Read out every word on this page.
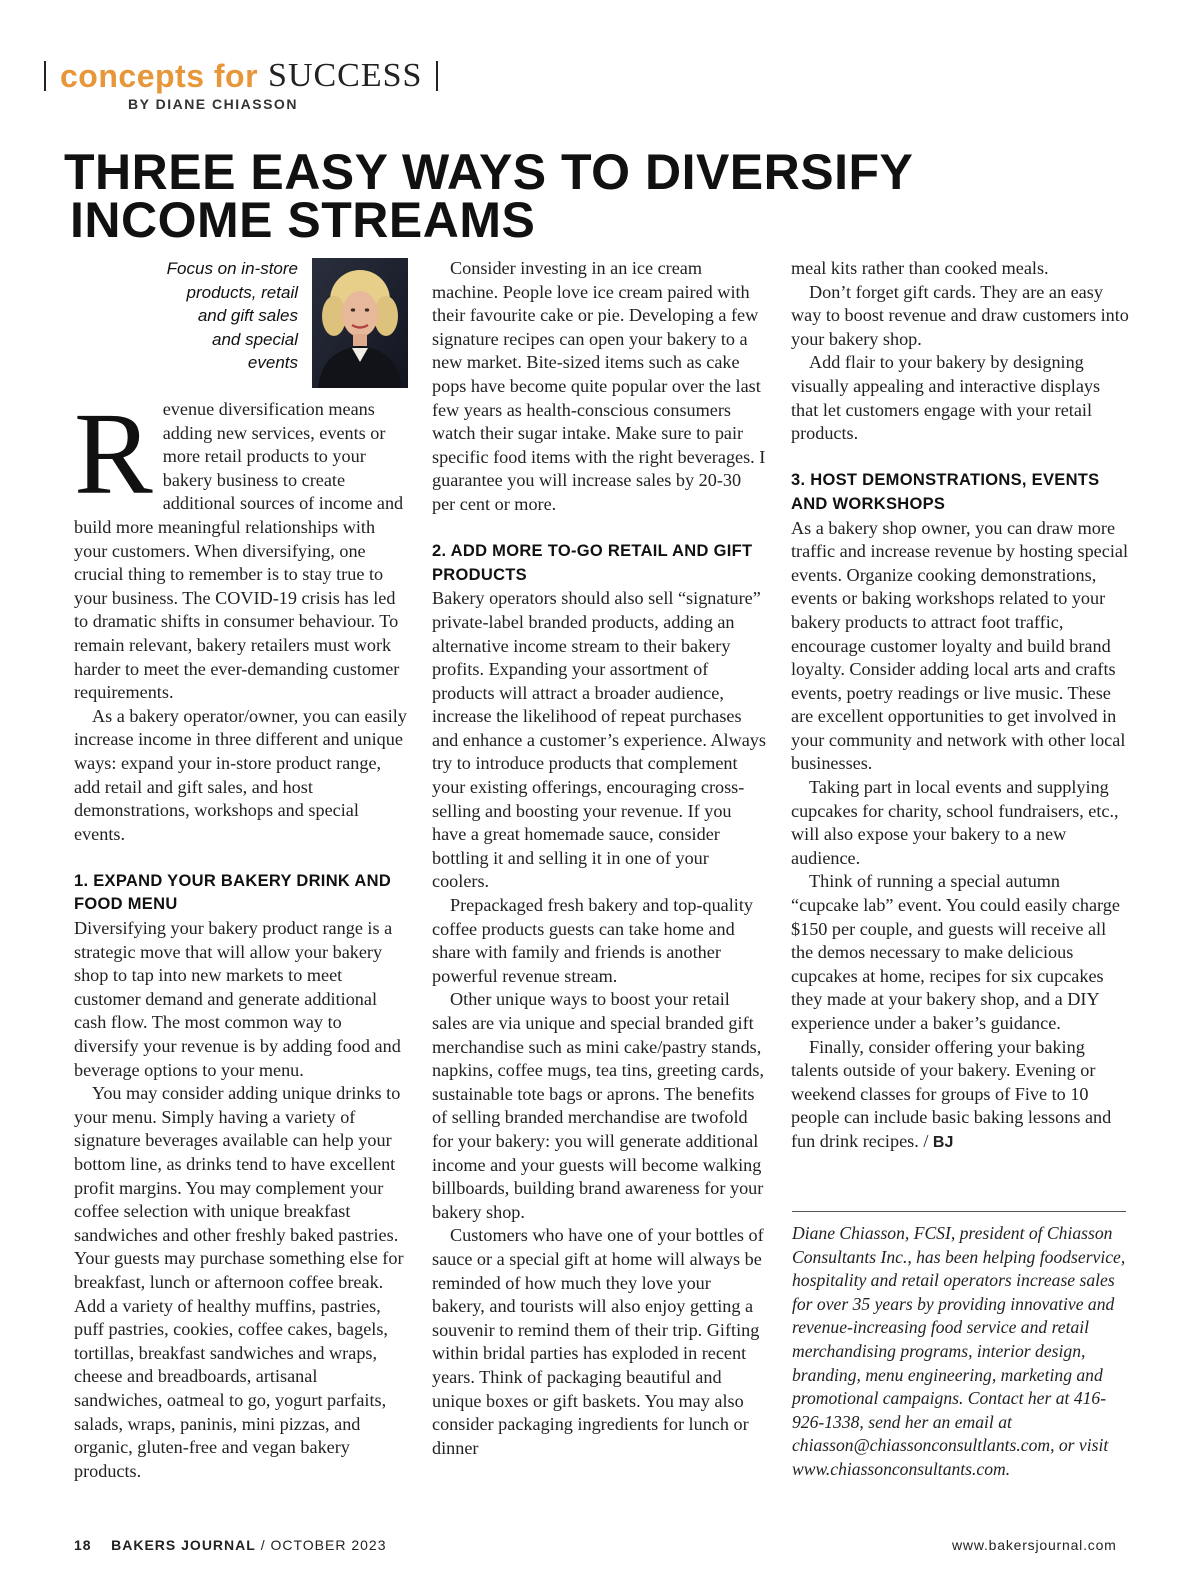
concepts for SUCCESS
BY DIANE CHIASSON
THREE EASY WAYS TO DIVERSIFY
INCOME STREAMS
Focus on in-store
products, retail
and gift sales
and special
events

Revenue diversification means adding new services, events or more retail products to your bakery business to create additional sources of income and build more meaningful relationships with your customers. When diversifying, one crucial thing to remember is to stay true to your business. The COVID-19 crisis has led to dramatic shifts in consumer behaviour. To remain relevant, bakery retailers must work harder to meet the ever-demanding customer requirements.

As a bakery operator/owner, you can easily increase income in three different and unique ways: expand your in-store product range, add retail and gift sales, and host demonstrations, workshops and special events.

1. EXPAND YOUR BAKERY DRINK AND FOOD MENU

Diversifying your bakery product range is a strategic move that will allow your bakery shop to tap into new markets to meet customer demand and generate additional cash flow. The most common way to diversify your revenue is by adding food and beverage options to your menu.

You may consider adding unique drinks to your menu. Simply having a variety of signature beverages available can help your bottom line, as drinks tend to have excellent profit margins. You may complement your coffee selection with unique breakfast sandwiches and other freshly baked pastries. Your guests may purchase something else for breakfast, lunch or afternoon coffee break. Add a variety of healthy muffins, pastries, puff pastries, cookies, coffee cakes, bagels, tortillas, breakfast sandwiches and wraps, cheese and breadboards, artisanal sandwiches, oatmeal to go, yogurt parfaits, salads, wraps, paninis, mini pizzas, and organic, gluten-free and vegan bakery products.

Consider investing in an ice cream machine. People love ice cream paired with their favourite cake or pie. Developing a few signature recipes can open your bakery to a new market. Bite-sized items such as cake pops have become quite popular over the last few years as health-conscious consumers watch their sugar intake. Make sure to pair specific food items with the right beverages. I guarantee you will increase sales by 20-30 per cent or more.

2. ADD MORE TO-GO RETAIL AND GIFT PRODUCTS

Bakery operators should also sell “signature” private-label branded products, adding an alternative income stream to their bakery profits. Expanding your assortment of products will attract a broader audience, increase the likelihood of repeat purchases and enhance a customer’s experience. Always try to introduce products that complement your existing offerings, encouraging cross-selling and boosting your revenue. If you have a great homemade sauce, consider bottling it and selling it in one of your coolers.

Prepackaged fresh bakery and top-quality coffee products guests can take home and share with family and friends is another powerful revenue stream.

Other unique ways to boost your retail sales are via unique and special branded gift merchandise such as mini cake/pastry stands, napkins, coffee mugs, tea tins, greeting cards, sustainable tote bags or aprons. The benefits of selling branded merchandise are twofold for your bakery: you will generate additional income and your guests will become walking billboards, building brand awareness for your bakery shop.

Customers who have one of your bottles of sauce or a special gift at home will always be reminded of how much they love your bakery, and tourists will also enjoy getting a souvenir to remind them of their trip. Gifting within bridal parties has exploded in recent years. Think of packaging beautiful and unique boxes or gift baskets. You may also consider packaging ingredients for lunch or dinner

meal kits rather than cooked meals.

Don’t forget gift cards. They are an easy way to boost revenue and draw customers into your bakery shop.

Add flair to your bakery by designing visually appealing and interactive displays that let customers engage with your retail products.

3. HOST DEMONSTRATIONS, EVENTS AND WORKSHOPS

As a bakery shop owner, you can draw more traffic and increase revenue by hosting special events. Organize cooking demonstrations, events or baking workshops related to your bakery products to attract foot traffic, encourage customer loyalty and build brand loyalty. Consider adding local arts and crafts events, poetry readings or live music. These are excellent opportunities to get involved in your community and network with other local businesses.

Taking part in local events and supplying cupcakes for charity, school fundraisers, etc., will also expose your bakery to a new audience.

Think of running a special autumn “cupcake lab” event. You could easily charge $150 per couple, and guests will receive all the demos necessary to make delicious cupcakes at home, recipes for six cupcakes they made at your bakery shop, and a DIY experience under a baker’s guidance.

Finally, consider offering your baking talents outside of your bakery. Evening or weekend classes for groups of Five to 10 people can include basic baking lessons and fun drink recipes. / BJ

Diane Chiasson, FCSI, president of Chiasson Consultants Inc., has been helping foodservice, hospitality and retail operators increase sales for over 35 years by providing innovative and revenue-increasing food service and retail merchandising programs, interior design, branding, menu engineering, marketing and promotional campaigns. Contact her at 416-926-1338, send her an email at chiasson@chiassonconsultlants.com, or visit www.chiassonconsultants.com.
18 BAKERS JOURNAL / OCTOBER 2023	www.bakersjournal.com
